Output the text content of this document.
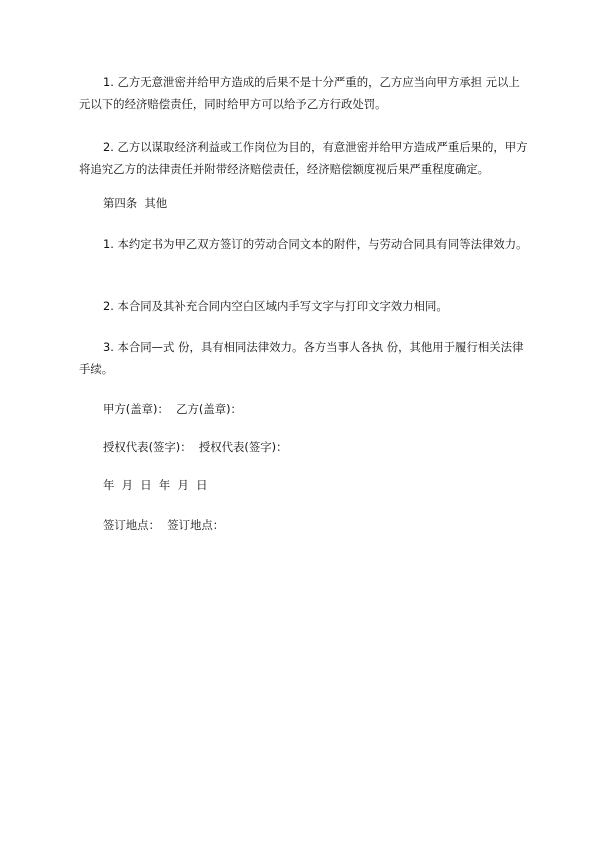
1. 乙方无意泄密并给甲方造成的后果不是十分严重的，乙方应当向甲方承担 元以上 元以下的经济赔偿责任，同时给甲方可以给予乙方行政处罚。

2. 乙方以谋取经济利益或工作岗位为目的，有意泄密并给甲方造成严重后果的，甲方将追究乙方的法律责任并附带经济赔偿责任，经济赔偿额度视后果严重程度确定。

第四条  其他

1. 本约定书为甲乙双方签订的劳动合同文本的附件，与劳动合同具有同等法律效力。

2. 本合同及其补充合同内空白区域内手写文字与打印文字效力相同。

3. 本合同—式 份，具有相同法律效力。各方当事人各执 份，其他用于履行相关法律手续。

甲方(盖章)：  乙方(盖章)：

授权代表(签字)：  授权代表(签字)：

年  月  日  年  月  日

签订地点：  签订地点：
